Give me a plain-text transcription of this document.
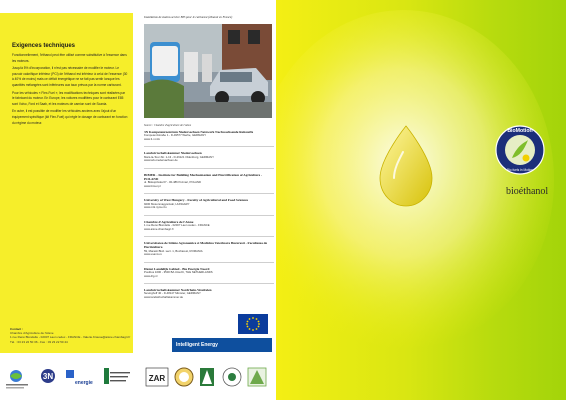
Exigences techniques

Fonctionnellement, l'éthanol peut être utilisé comme substitutive à l'essence dans les moteurs.

Jusqu'à 5% d'incorporation, il n'est pas nécessaire de modifier le moteur. Le pouvoir calorifique inférieur (PCI) de l'éthanol est inférieur à celui de l'essence (30 à 40% de moins) mais ce déficit énergétique ne se fait pas sentir lorsque les quantités mélangées sont inférieures aux taux prévus par la norme carburant.

Pour les véhicules « Flex-Fuel », les modifications techniques sont réalisées par le fabricant du moteur. En Europe, les voitures modifiées pour le carburant E85 sont Volvo, Ford et Saab, et les moteurs de camion sont de Scania.

En outre, il est possible de modifier les véhicules anciens avec l'ajout d'un équipement spécifique (kit Flex-Fuel) qui règle le dosage de carburant en fonction du régime du moteur.

Contact :
Chambre d'Agriculture de l'Aisne
1 rue René Blondelle - 02007 Laon cedex - FRANCE - Valerie.Krause@aisne.chambagri.fr
Tél. : 03 23 22 50 36 - Fax : 03 23 22 50 44
3N
energie
Installation de station-service E85 pour le carburant (éthanol en France)
Source : Chambre d'agriculture de l'Aisne
3N Kompetenzzentrum Niedersachsen Netzwerk Nachwachsende Rohstoffe
Kompetenzstraße 1 - D-49577 Werlte, GERMANY
www.3-n.info
Landwirtschaftskammer Niedersachsen
Mars-la-Tour-Str. 1-13 - D-26121 Oldenburg, GERMANY
www.lwk-niedersachsen.de
BIMER - Institute for Building Mechanisation and Electrification of Agriculture - POLAND
ul. Biskupińska 67 - 00-486 Poznań, POLAND
www.bimer.pl
University of West Hungary - Faculty of Agricultural and Food Sciences
9200 Mosonmagyaróvár, HUNGARY
www.mtk.nyme.hu
Chambre d'Agriculture de l'Aisne
1 rue René Blondelle - 02007 Laon cedex - FRANCE
www.aisne.chambagri.fr
Universitatea de Stiinte Agronomice si Medicina Veterinara Bucuresti - Facultatea de Horticultura
59, Marasti Blvd. sect. 1, Bucharest, ROMANIA
www.usamv.ro
Dienst Landelijk Gebied - Bio Energie Noord
Postbus 1000 - 3500 BA Utrecht, THE NETHERLANDS
www.dlg.nl
Landwirtschaftskammer Nordrhein-Westfalen
Nevinghoff 40 - D-48147 Münster, GERMANY
www.landwirtschaftskammer.de
Intelligent Energy
ZAR
BioMotion
Bio fuels in Motion
bioéthanol
